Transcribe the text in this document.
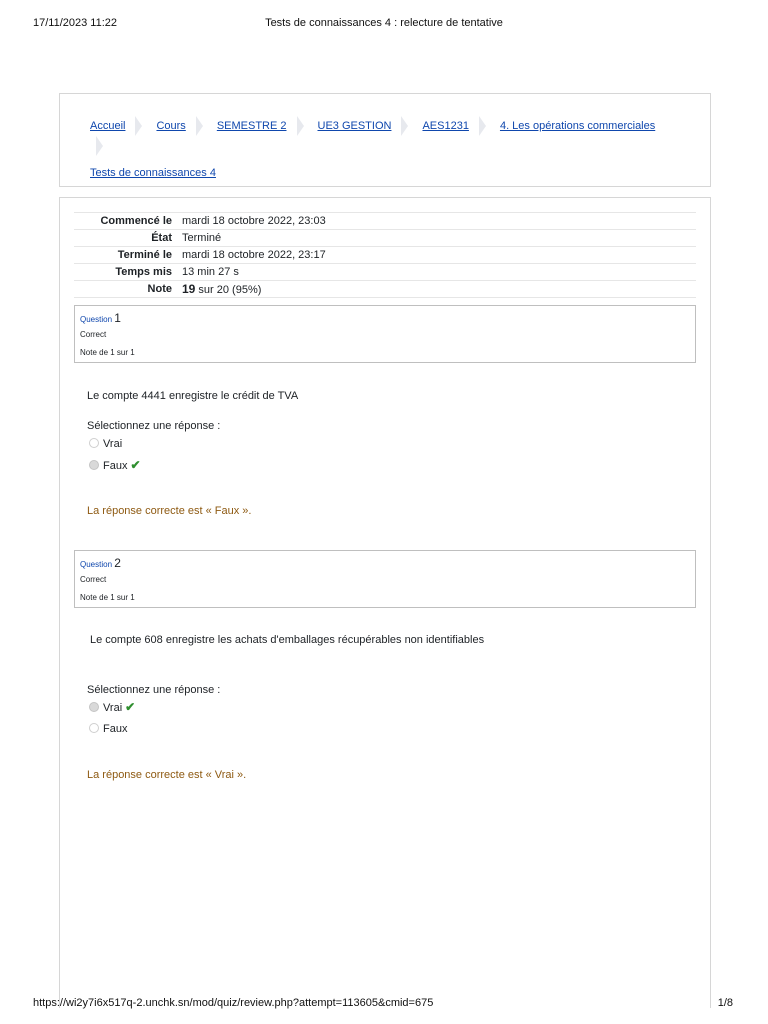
17/11/2023 11:22	Tests de connaissances 4 : relecture de tentative
Accueil	Cours	SEMESTRE 2	UE3 GESTION	AES1231	4. Les opérations commerciales
Tests de connaissances 4
Commencé le	mardi 18 octobre 2022, 23:03
État	Terminé
Terminé le	mardi 18 octobre 2022, 23:17
Temps mis	13 min 27 s
Note	19 sur 20 (95%)
Question 1
Correct
Note de 1 sur 1
Le compte 4441 enregistre le crédit de TVA
Sélectionnez une réponse :
Vrai
Faux ✔
La réponse correcte est « Faux ».
Question 2
Correct
Note de 1 sur 1
Le compte 608 enregistre les achats d'emballages récupérables non identifiables
Sélectionnez une réponse :
Vrai ✔
Faux
La réponse correcte est « Vrai ».
https://wi2y7i6x517q-2.unchk.sn/mod/quiz/review.php?attempt=113605&cmid=675	1/8
